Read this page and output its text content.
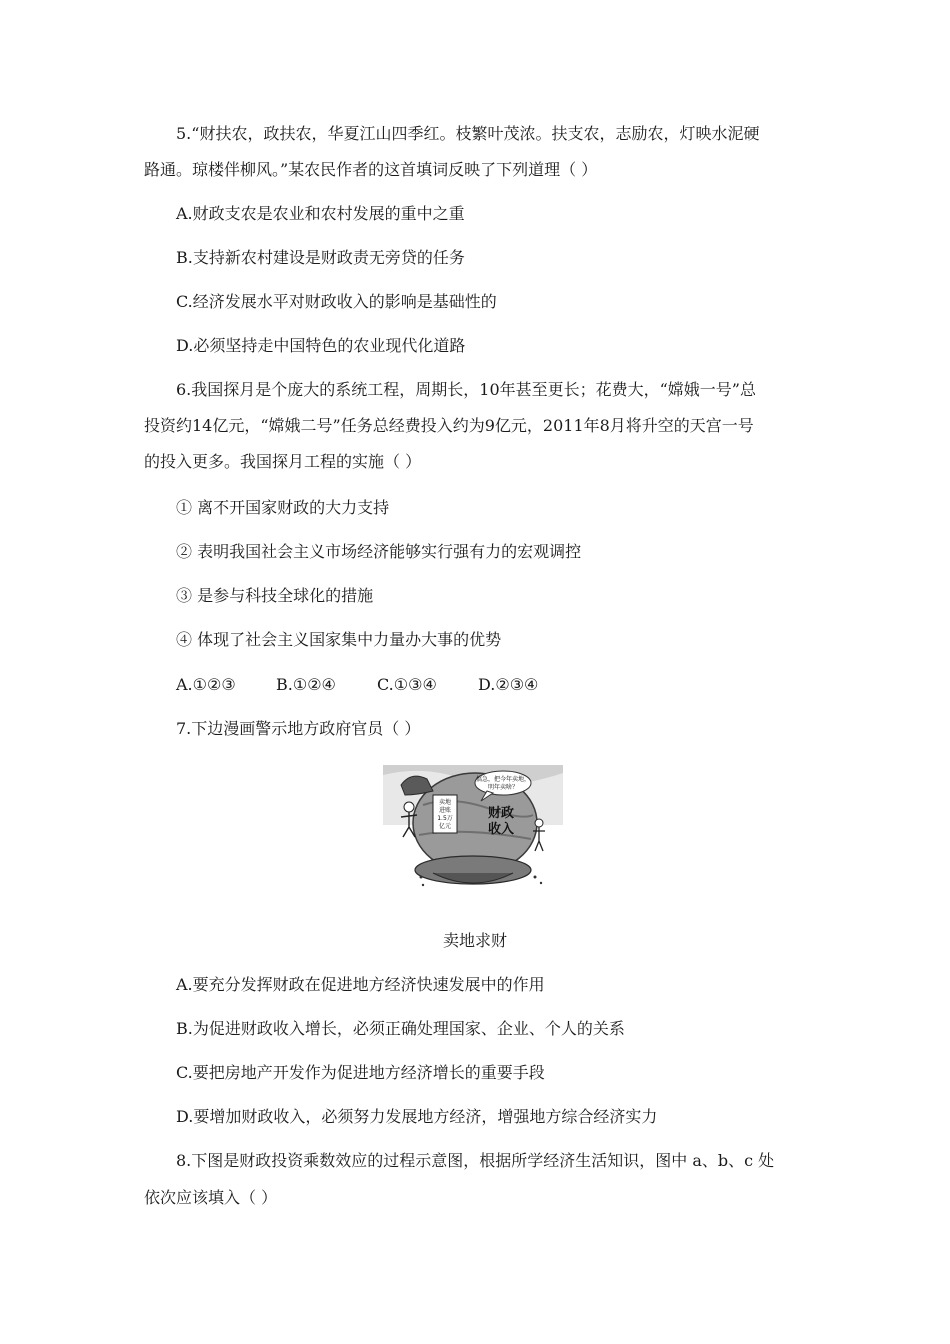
5.“财扶农，政扶农，华夏江山四季红。枝繁叶茂浓。扶支农，志励农，灯映水泥硬
路通。琼楼伴柳风。”某农民作者的这首填词反映了下列道理（ ）
A.财政支农是农业和农村发展的重中之重
B.支持新农村建设是财政责无旁贷的任务
C.经济发展水平对财政收入的影响是基础性的
D.必须坚持走中国特色的农业现代化道路
6.我国探月是个庞大的系统工程，周期长，10年甚至更长；花费大，“嫦娥一号”总
投资约14亿元，“嫦娥二号”任务总经费投入约为9亿元，2011年8月将升空的天宫一号
的投入更多。我国探月工程的实施（ ）
① 离不开国家财政的大力支持
② 表明我国社会主义市场经济能够实行强有力的宏观调控
③ 是参与科技全球化的措施
④ 体现了社会主义国家集中力量办大事的优势
A.①②③	B.①②④	C.①③④	D.②③④
7.下边漫画警示地方政府官员（ ）
搞急，把今年卖地，
明年卖啥？
财政
收入
卖地
进账
1.5万
亿元
卖地求财
A.要充分发挥财政在促进地方经济快速发展中的作用
B.为促进财政收入增长，必须正确处理国家、企业、个人的关系
C.要把房地产开发作为促进地方经济增长的重要手段
D.要增加财政收入，必须努力发展地方经济，增强地方综合经济实力
8.下图是财政投资乘数效应的过程示意图，根据所学经济生活知识，图中 a、b、c 处
依次应该填入（ ）
